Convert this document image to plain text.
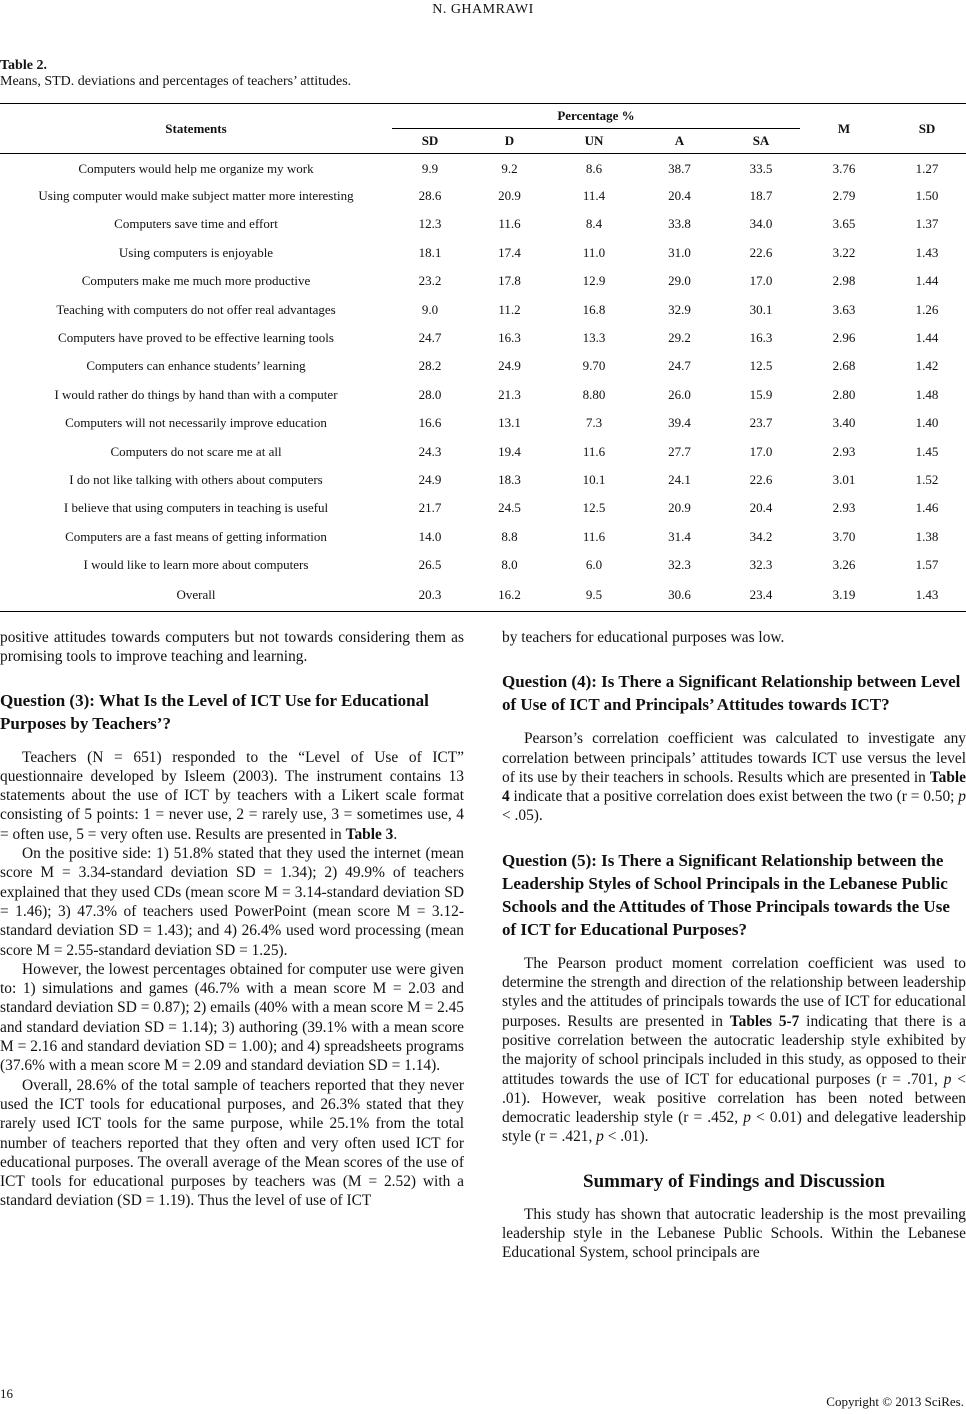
N. GHAMRAWI
Table 2.
Means, STD. deviations and percentages of teachers’ attitudes.
Statements	Percentage %					M	SD
	SD	D	UN	A	SA		
Computers would help me organize my work	9.9	9.2	8.6	38.7	33.5	3.76	1.27
Using computer would make subject matter more interesting	28.6	20.9	11.4	20.4	18.7	2.79	1.50
Computers save time and effort	12.3	11.6	8.4	33.8	34.0	3.65	1.37
Using computers is enjoyable	18.1	17.4	11.0	31.0	22.6	3.22	1.43
Computers make me much more productive	23.2	17.8	12.9	29.0	17.0	2.98	1.44
Teaching with computers do not offer real advantages	9.0	11.2	16.8	32.9	30.1	3.63	1.26
Computers have proved to be effective learning tools	24.7	16.3	13.3	29.2	16.3	2.96	1.44
Computers can enhance students’ learning	28.2	24.9	9.70	24.7	12.5	2.68	1.42
I would rather do things by hand than with a computer	28.0	21.3	8.80	26.0	15.9	2.80	1.48
Computers will not necessarily improve education	16.6	13.1	7.3	39.4	23.7	3.40	1.40
Computers do not scare me at all	24.3	19.4	11.6	27.7	17.0	2.93	1.45
I do not like talking with others about computers	24.9	18.3	10.1	24.1	22.6	3.01	1.52
I believe that using computers in teaching is useful	21.7	24.5	12.5	20.9	20.4	2.93	1.46
Computers are a fast means of getting information	14.0	8.8	11.6	31.4	34.2	3.70	1.38
I would like to learn more about computers	26.5	8.0	6.0	32.3	32.3	3.26	1.57
Overall	20.3	16.2	9.5	30.6	23.4	3.19	1.43

positive attitudes towards computers but not towards considering them as promising tools to improve teaching and learning.

Question (3): What Is the Level of ICT Use for Educational Purposes by Teachers’?

Teachers (N = 651) responded to the “Level of Use of ICT” questionnaire developed by Isleem (2003). The instrument contains 13 statements about the use of ICT by teachers with a Likert scale format consisting of 5 points: 1 = never use, 2 = rarely use, 3 = sometimes use, 4 = often use, 5 = very often use. Results are presented in Table 3.

On the positive side: 1) 51.8% stated that they used the internet (mean score M = 3.34-standard deviation SD = 1.34); 2) 49.9% of teachers explained that they used CDs (mean score M = 3.14-standard deviation SD = 1.46); 3) 47.3% of teachers used PowerPoint (mean score M = 3.12-standard deviation SD = 1.43); and 4) 26.4% used word processing (mean score M = 2.55-standard deviation SD = 1.25).

However, the lowest percentages obtained for computer use were given to: 1) simulations and games (46.7% with a mean score M = 2.03 and standard deviation SD = 0.87); 2) emails (40% with a mean score M = 2.45 and standard deviation SD = 1.14); 3) authoring (39.1% with a mean score M = 2.16 and standard deviation SD = 1.00); and 4) spreadsheets programs (37.6% with a mean score M = 2.09 and standard deviation SD = 1.14).

Overall, 28.6% of the total sample of teachers reported that they never used the ICT tools for educational purposes, and 26.3% stated that they rarely used ICT tools for the same purpose, while 25.1% from the total number of teachers reported that they often and very often used ICT for educational purposes. The overall average of the Mean scores of the use of ICT tools for educational purposes by teachers was (M = 2.52) with a standard deviation (SD = 1.19). Thus the level of use of ICT

by teachers for educational purposes was low.

Question (4): Is There a Significant Relationship between Level of Use of ICT and Principals’ Attitudes towards ICT?

Pearson’s correlation coefficient was calculated to investigate any correlation between principals’ attitudes towards ICT use versus the level of its use by their teachers in schools. Results which are presented in Table 4 indicate that a positive correlation does exist between the two (r = 0.50; p < .05).

Question (5): Is There a Significant Relationship between the Leadership Styles of School Principals in the Lebanese Public Schools and the Attitudes of Those Principals towards the Use of ICT for Educational Purposes?

The Pearson product moment correlation coefficient was used to determine the strength and direction of the relationship between leadership styles and the attitudes of principals towards the use of ICT for educational purposes. Results are presented in Tables 5-7 indicating that there is a positive correlation between the autocratic leadership style exhibited by the majority of school principals included in this study, as opposed to their attitudes towards the use of ICT for educational purposes (r = .701, p < .01). However, weak positive correlation has been noted between democratic leadership style (r = .452, p < 0.01) and delegative leadership style (r = .421, p < .01).

Summary of Findings and Discussion

This study has shown that autocratic leadership is the most prevailing leadership style in the Lebanese Public Schools. Within the Lebanese Educational System, school principals are

16
Copyright © 2013 SciRes.
